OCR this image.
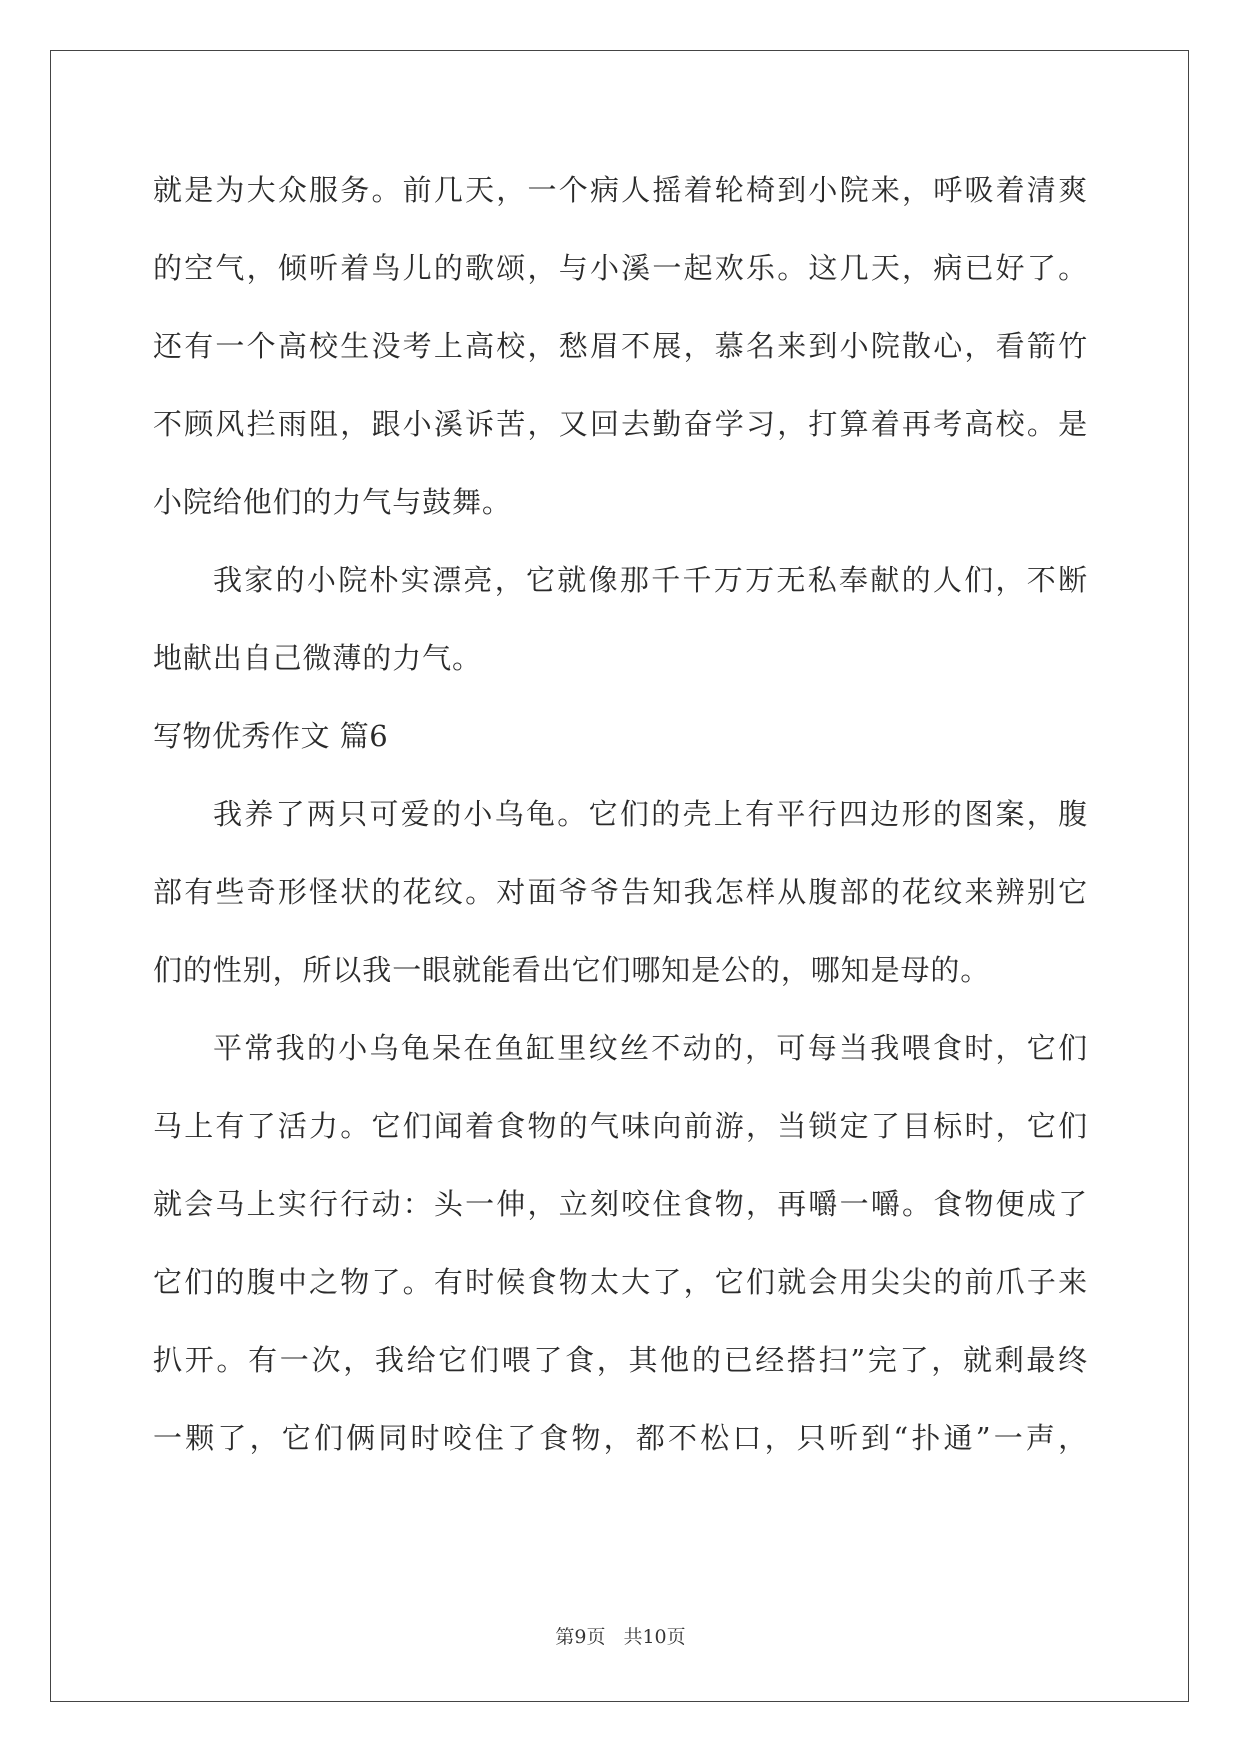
就是为大众服务。前几天，一个病人摇着轮椅到小院来，呼吸着清爽
的空气，倾听着鸟儿的歌颂，与小溪一起欢乐。这几天，病已好了。
还有一个高校生没考上高校，愁眉不展，慕名来到小院散心，看箭竹
不顾风拦雨阻，跟小溪诉苦，又回去勤奋学习，打算着再考高校。是
小院给他们的力气与鼓舞。
我家的小院朴实漂亮，它就像那千千万万无私奉献的人们，不断
地献出自己微薄的力气。
写物优秀作文 篇6
我养了两只可爱的小乌龟。它们的壳上有平行四边形的图案，腹
部有些奇形怪状的花纹。对面爷爷告知我怎样从腹部的花纹来辨别它
们的性别，所以我一眼就能看出它们哪知是公的，哪知是母的。
平常我的小乌龟呆在鱼缸里纹丝不动的，可每当我喂食时，它们
马上有了活力。它们闻着食物的气味向前游，当锁定了目标时，它们
就会马上实行行动：头一伸，立刻咬住食物，再嚼一嚼。食物便成了
它们的腹中之物了。有时候食物太大了，它们就会用尖尖的前爪子来
扒开。有一次，我给它们喂了食，其他的已经搭扫”完了，就剩最终
一颗了，它们俩同时咬住了食物，都不松口，只听到“扑通”一声，
第9页 共10页
